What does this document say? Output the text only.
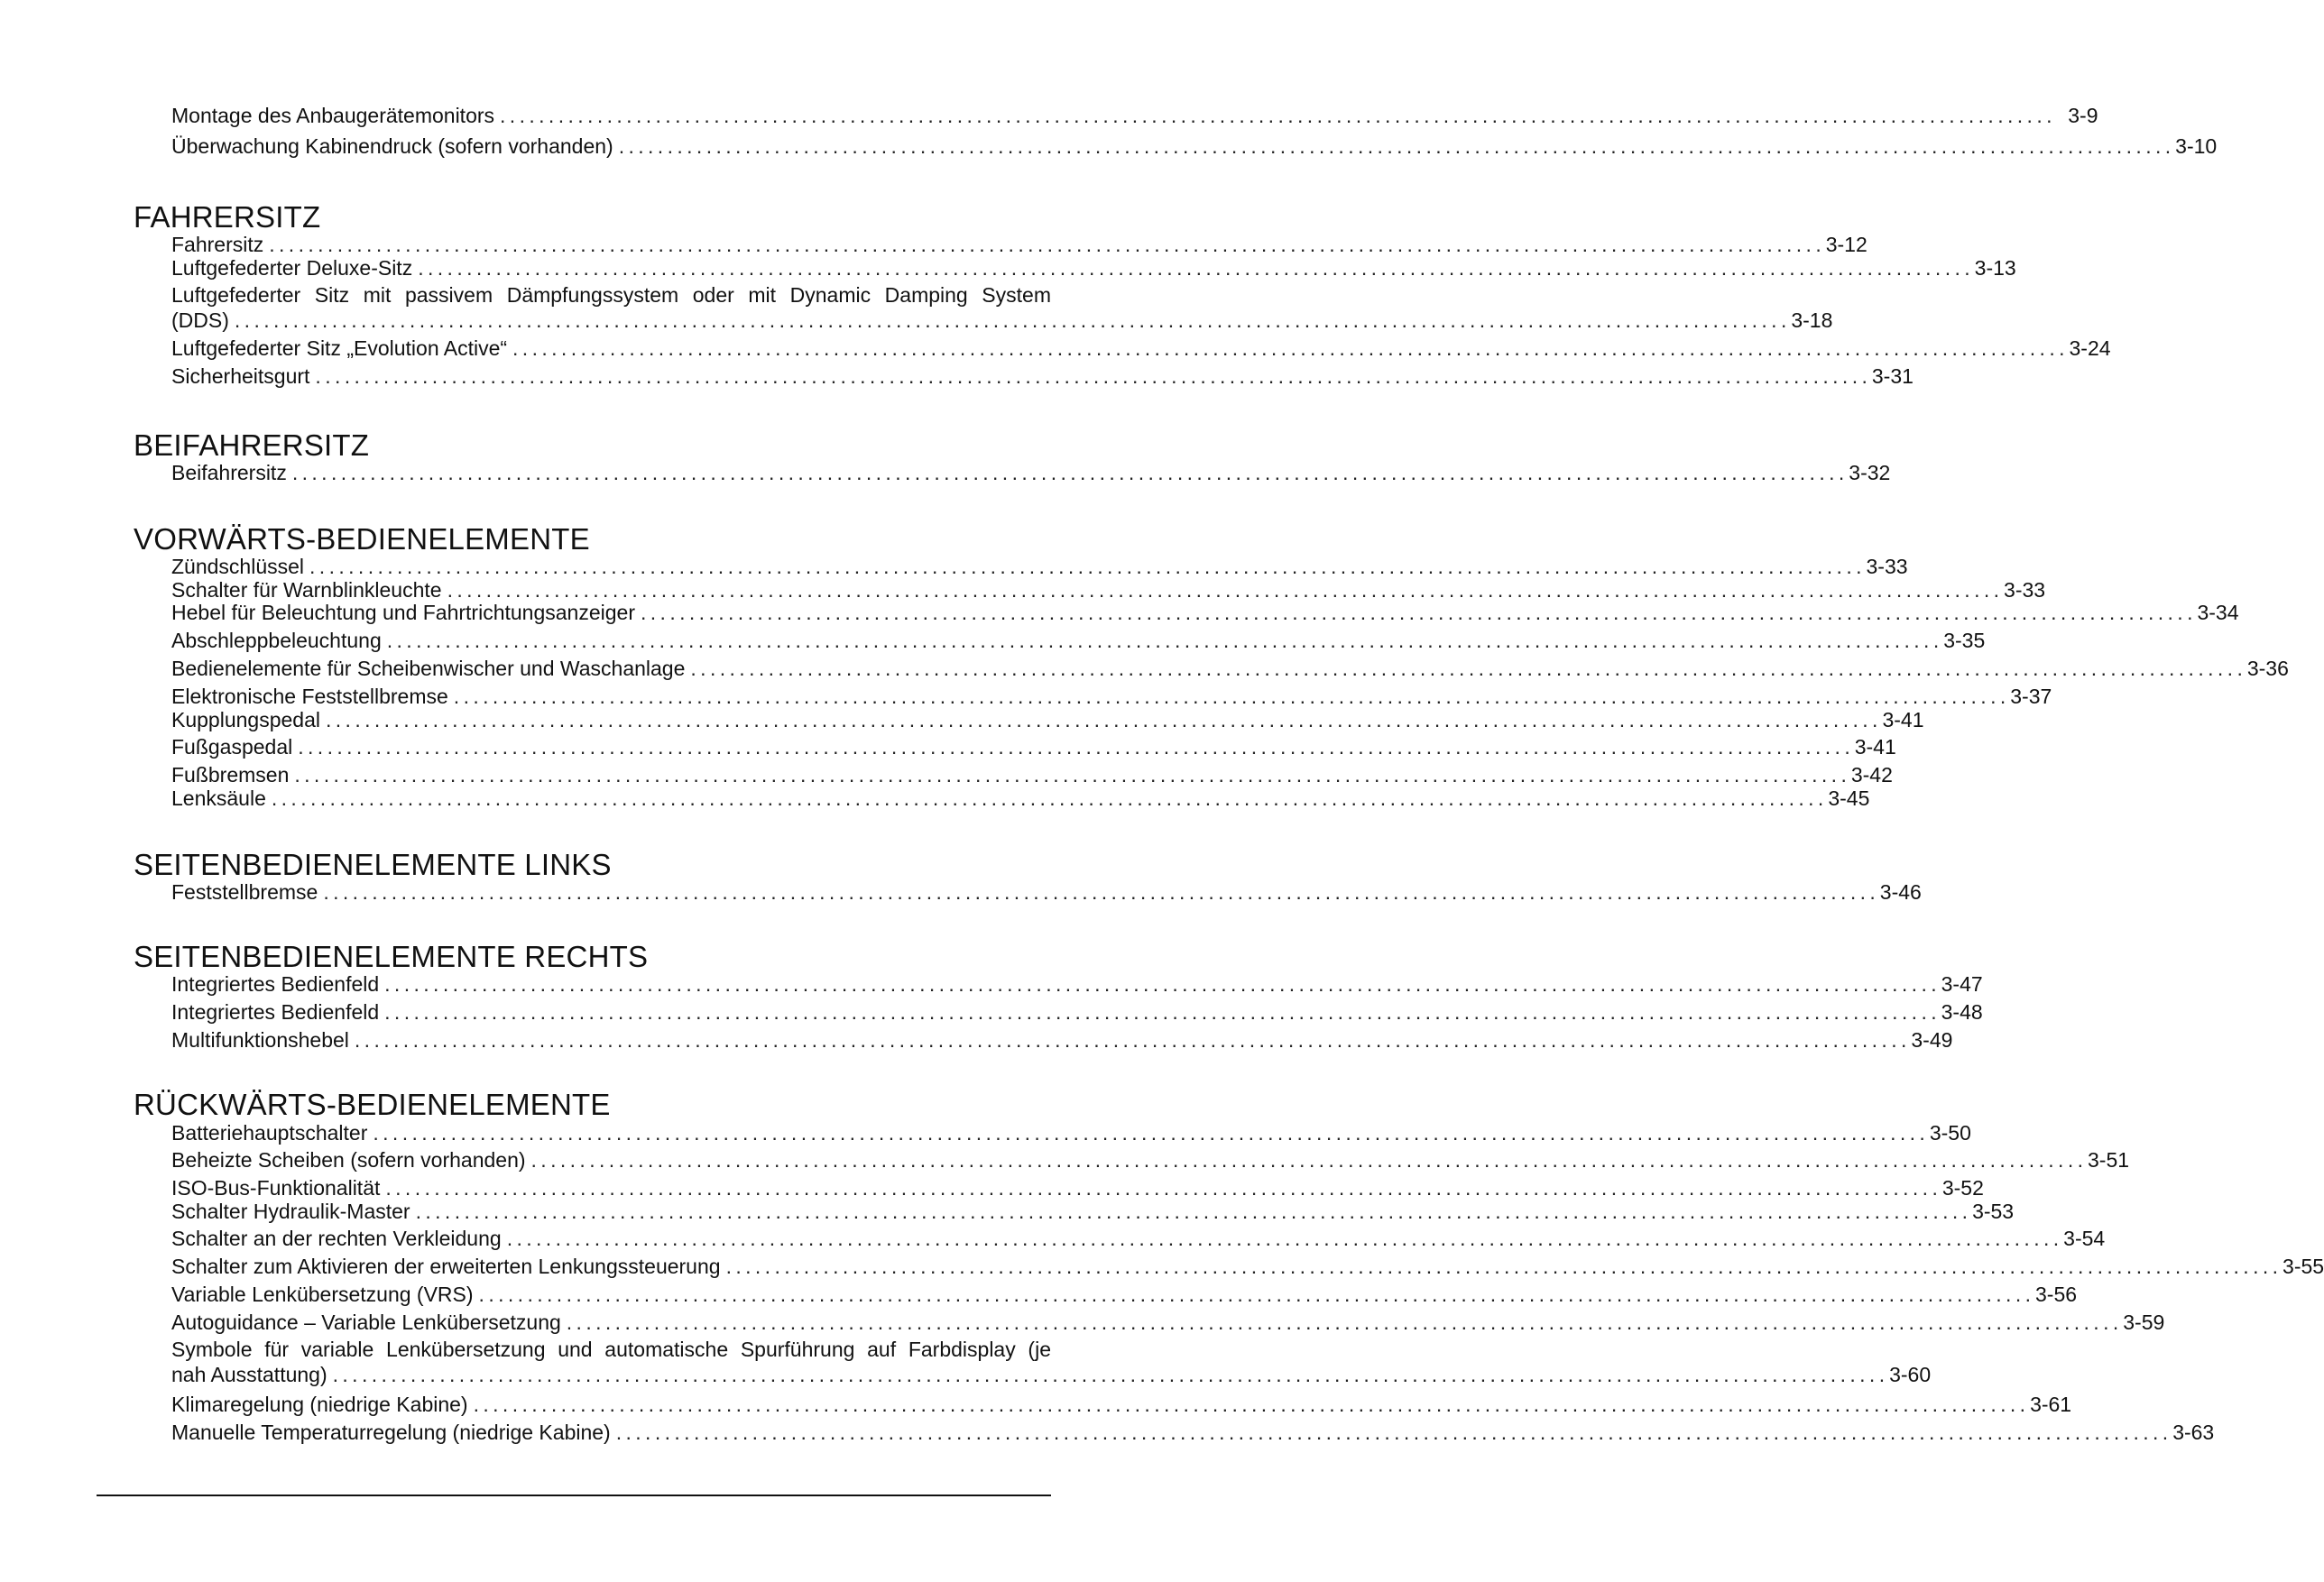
Montage des Anbaugerätemonitors . . .	3-9
Überwachung Kabinendruck (sofern vorhanden) . . .	3-10
FAHRERSITZ
Fahrersitz . . .	3-12
Luftgefederter Deluxe-Sitz . . .	3-13
Luftgefederter Sitz mit passivem Dämpfungssystem oder mit Dynamic Damping System
(DDS) . . .	3-18
Luftgefederter Sitz „Evolution Active“ . . .	3-24
Sicherheitsgurt . . .	3-31
BEIFAHRERSITZ
Beifahrersitz . . .	3-32
VORWÄRTS-BEDIENELEMENTE
Zündschlüssel . . .	3-33
Schalter für Warnblinkleuchte . . .	3-33
Hebel für Beleuchtung und Fahrtrichtungsanzeiger . . .	3-34
Abschleppbeleuchtung . . .	3-35
Bedienelemente für Scheibenwischer und Waschanlage . . .	3-36
Elektronische Feststellbremse . . .	3-37
Kupplungspedal . . .	3-41
Fußgaspedal . . .	3-41
Fußbremsen . . .	3-42
Lenksäule . . .	3-45
SEITENBEDIENELEMENTE LINKS
Feststellbremse . . .	3-46
SEITENBEDIENELEMENTE RECHTS
Integriertes Bedienfeld . . .	3-47
Integriertes Bedienfeld . . .	3-48
Multifunktionshebel . . .	3-49
RÜCKWÄRTS-BEDIENELEMENTE
Batteriehauptschalter . . .	3-50
Beheizte Scheiben (sofern vorhanden) . . .	3-51
ISO-Bus-Funktionalität . . .	3-52
Schalter Hydraulik-Master . . .	3-53
Schalter an der rechten Verkleidung . . .	3-54
Schalter zum Aktivieren der erweiterten Lenkungssteuerung . . .	3-55
Variable Lenkübersetzung (VRS) . . .	3-56
Autoguidance – Variable Lenkübersetzung . . .	3-59
Symbole für variable Lenkübersetzung und automatische Spurführung auf Farbdisplay (je
nah Ausstattung) . . .	3-60
Klimaregelung (niedrige Kabine) . . .	3-61
Manuelle Temperaturregelung (niedrige Kabine) . . .	3-63
